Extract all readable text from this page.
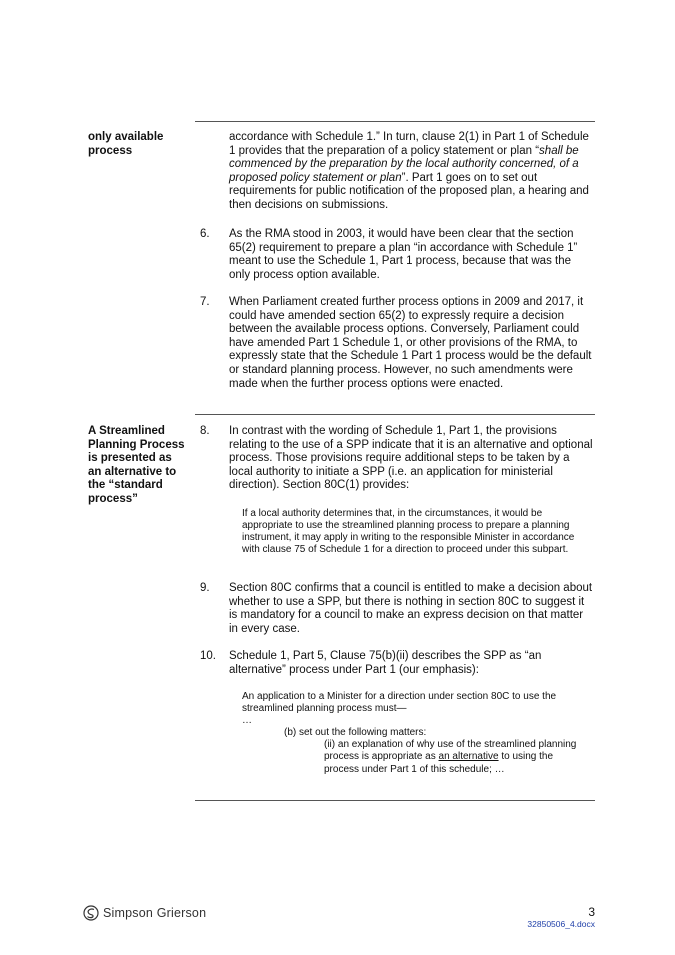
only available
process
accordance with Schedule 1.” In turn, clause 2(1) in Part 1 of Schedule 1 provides that the preparation of a policy statement or plan “shall be commenced by the preparation by the local authority concerned, of a proposed policy statement or plan”. Part 1 goes on to set out requirements for public notification of the proposed plan, a hearing and then decisions on submissions.
6. As the RMA stood in 2003, it would have been clear that the section 65(2) requirement to prepare a plan “in accordance with Schedule 1” meant to use the Schedule 1, Part 1 process, because that was the only process option available.
7. When Parliament created further process options in 2009 and 2017, it could have amended section 65(2) to expressly require a decision between the available process options. Conversely, Parliament could have amended Part 1 Schedule 1, or other provisions of the RMA, to expressly state that the Schedule 1 Part 1 process would be the default or standard planning process. However, no such amendments were made when the further process options were enacted.
A Streamlined
Planning Process
is presented as
an alternative to
the “standard
process”
8. In contrast with the wording of Schedule 1, Part 1, the provisions relating to the use of a SPP indicate that it is an alternative and optional process. Those provisions require additional steps to be taken by a local authority to initiate a SPP (i.e. an application for ministerial direction). Section 80C(1) provides:
If a local authority determines that, in the circumstances, it would be appropriate to use the streamlined planning process to prepare a planning instrument, it may apply in writing to the responsible Minister in accordance with clause 75 of Schedule 1 for a direction to proceed under this subpart.
9. Section 80C confirms that a council is entitled to make a decision about whether to use a SPP, but there is nothing in section 80C to suggest it is mandatory for a council to make an express decision on that matter in every case.
10. Schedule 1, Part 5, Clause 75(b)(ii) describes the SPP as “an alternative” process under Part 1 (our emphasis):
An application to a Minister for a direction under section 80C to use the streamlined planning process must—
…
(b) set out the following matters:
(ii) an explanation of why use of the streamlined planning process is appropriate as an alternative to using the process under Part 1 of this schedule; …
Simpson Grierson	3
32850506_4.docx
